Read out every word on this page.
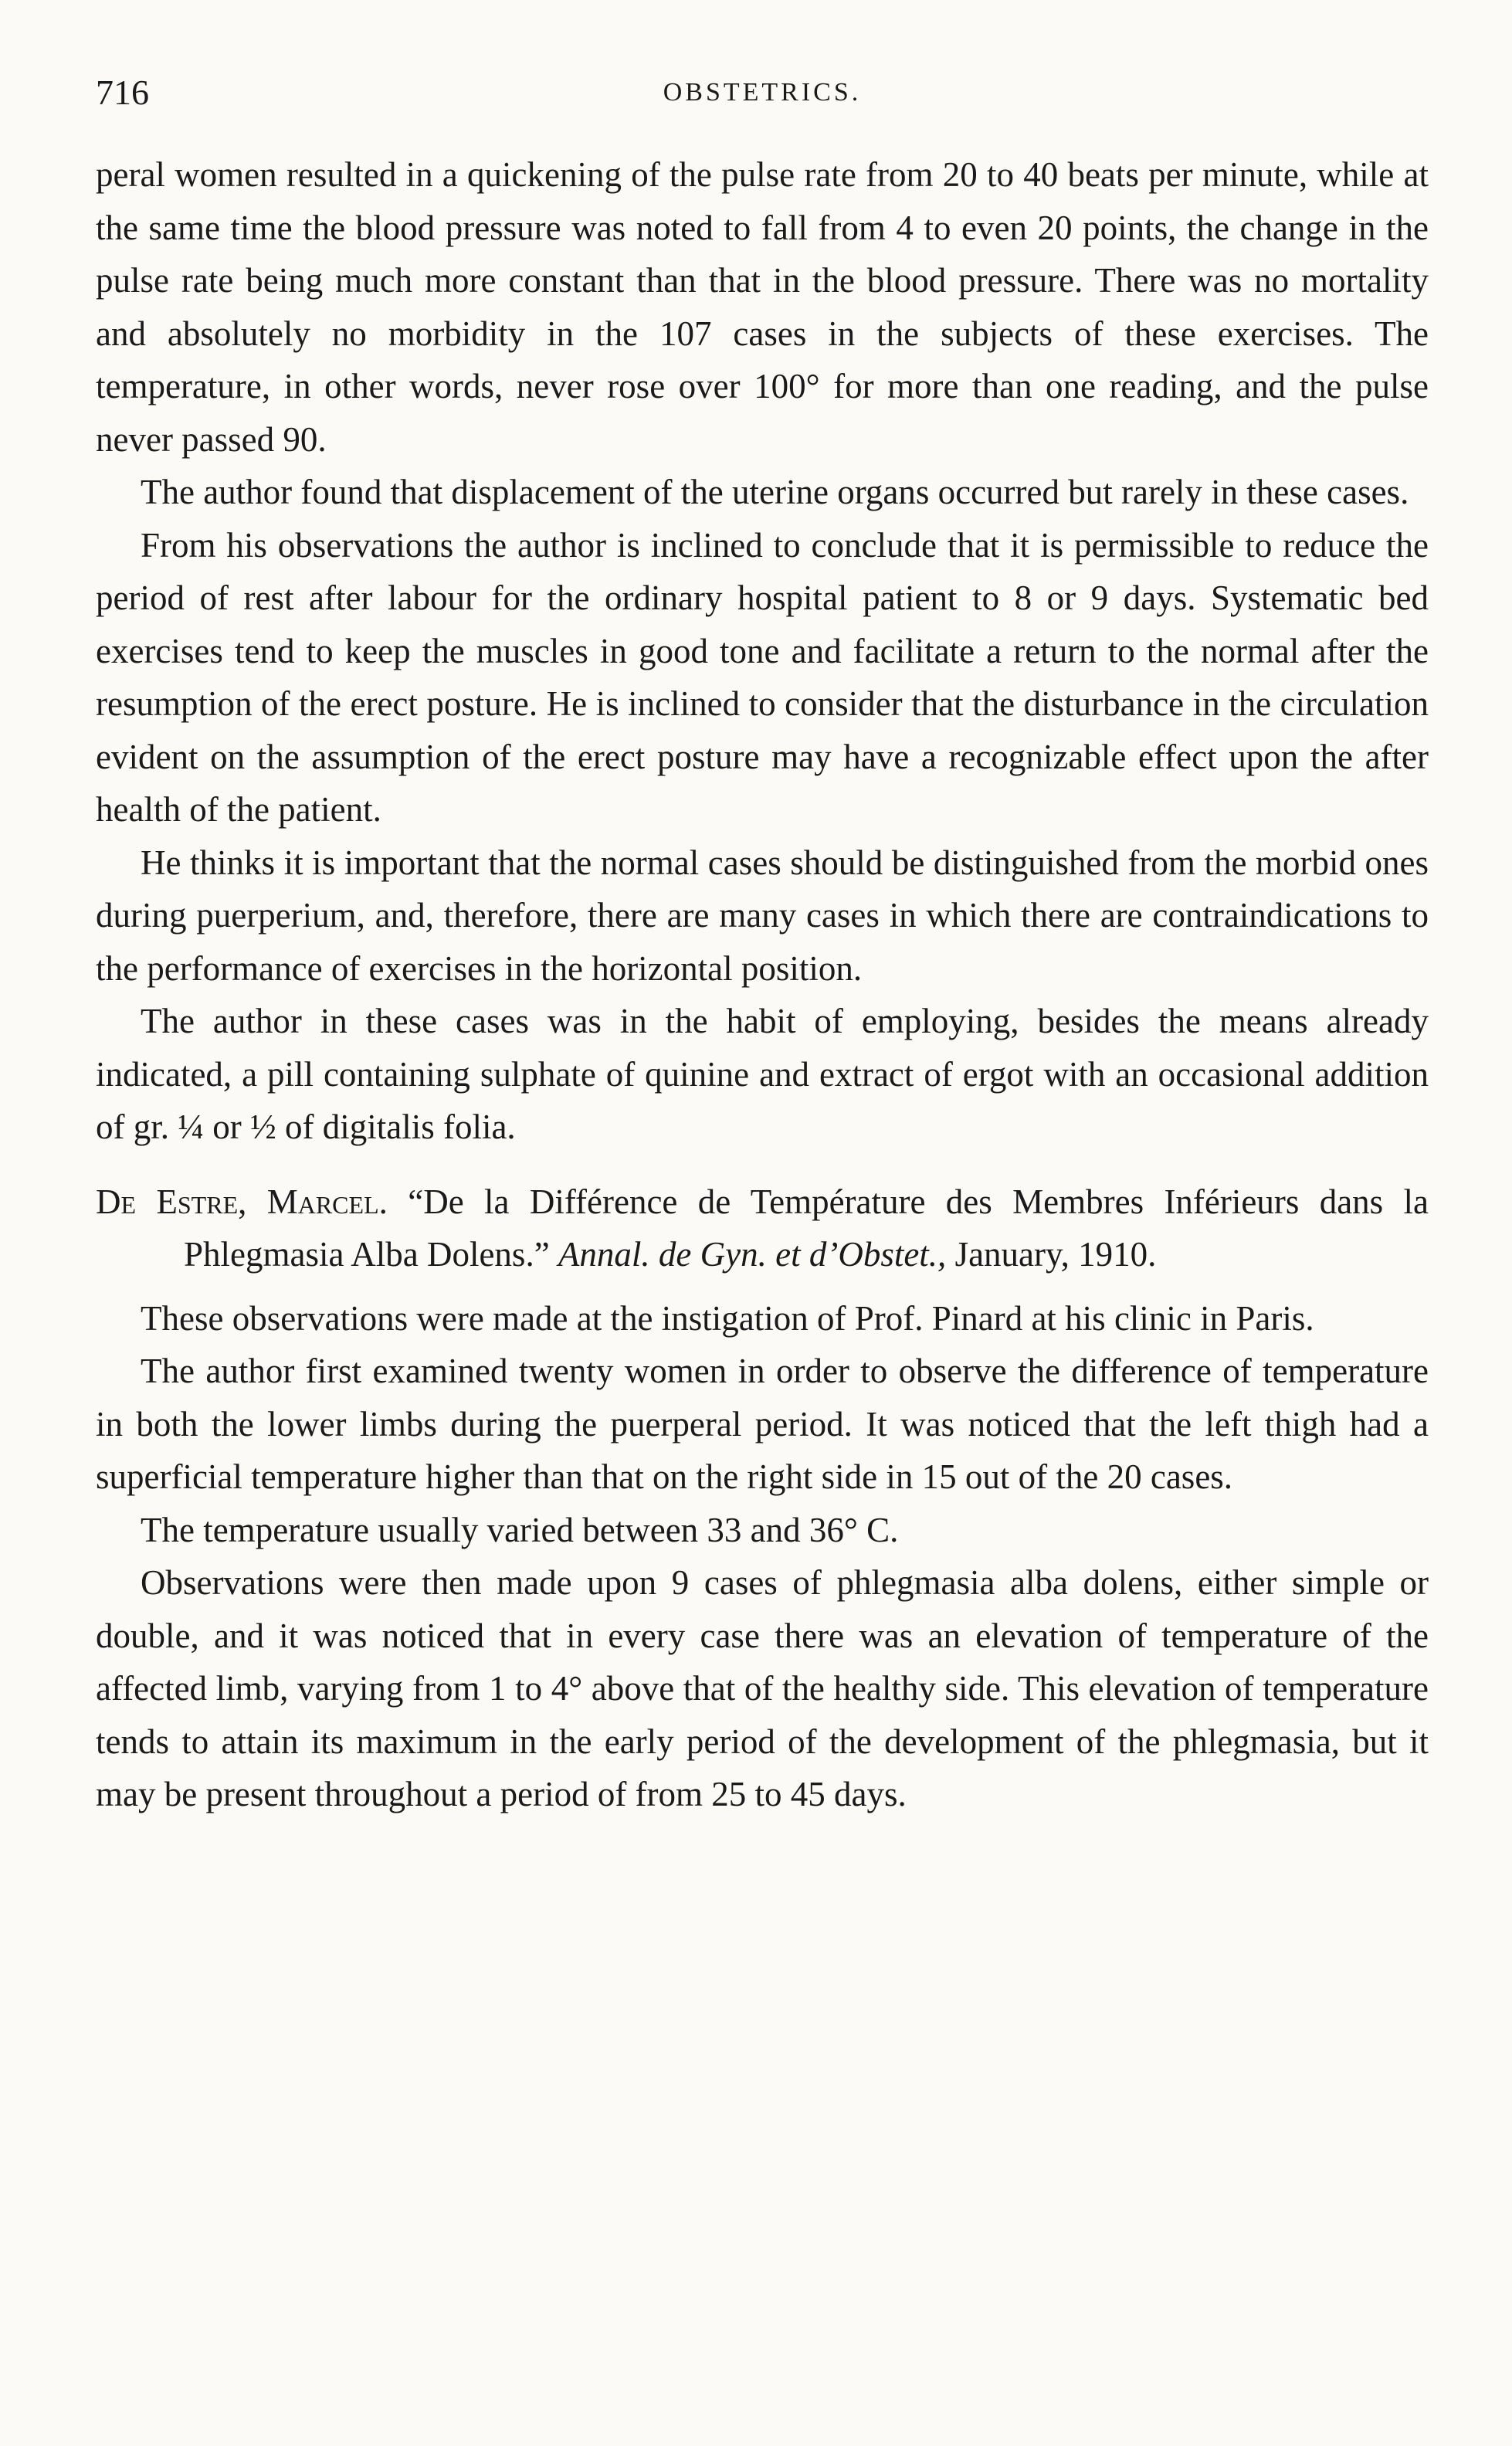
716	OBSTETRICS.

peral women resulted in a quickening of the pulse rate from 20 to 40 beats per minute, while at the same time the blood pressure was noted to fall from 4 to even 20 points, the change in the pulse rate being much more constant than that in the blood pressure. There was no mortality and absolutely no morbidity in the 107 cases in the subjects of these exercises. The temperature, in other words, never rose over 100° for more than one reading, and the pulse never passed 90.

The author found that displacement of the uterine organs occurred but rarely in these cases.

From his observations the author is inclined to conclude that it is permissible to reduce the period of rest after labour for the ordinary hospital patient to 8 or 9 days. Systematic bed exercises tend to keep the muscles in good tone and facilitate a return to the normal after the resumption of the erect posture. He is inclined to consider that the disturbance in the circulation evident on the assumption of the erect posture may have a recognizable effect upon the after health of the patient.

He thinks it is important that the normal cases should be distinguished from the morbid ones during puerperium, and, therefore, there are many cases in which there are contraindications to the performance of exercises in the horizontal position.

The author in these cases was in the habit of employing, besides the means already indicated, a pill containing sulphate of quinine and extract of ergot with an occasional addition of gr. ¼ or ½ of digitalis folia.

De Estre, Marcel. “De la Différence de Température des Membres Inférieurs dans la Phlegmasia Alba Dolens.” Annal. de Gyn. et d’Obstet., January, 1910.

These observations were made at the instigation of Prof. Pinard at his clinic in Paris.

The author first examined twenty women in order to observe the difference of temperature in both the lower limbs during the puerperal period. It was noticed that the left thigh had a superficial temperature higher than that on the right side in 15 out of the 20 cases.

The temperature usually varied between 33 and 36° C.

Observations were then made upon 9 cases of phlegmasia alba dolens, either simple or double, and it was noticed that in every case there was an elevation of temperature of the affected limb, varying from 1 to 4° above that of the healthy side. This elevation of temperature tends to attain its maximum in the early period of the development of the phlegmasia, but it may be present throughout a period of from 25 to 45 days.
